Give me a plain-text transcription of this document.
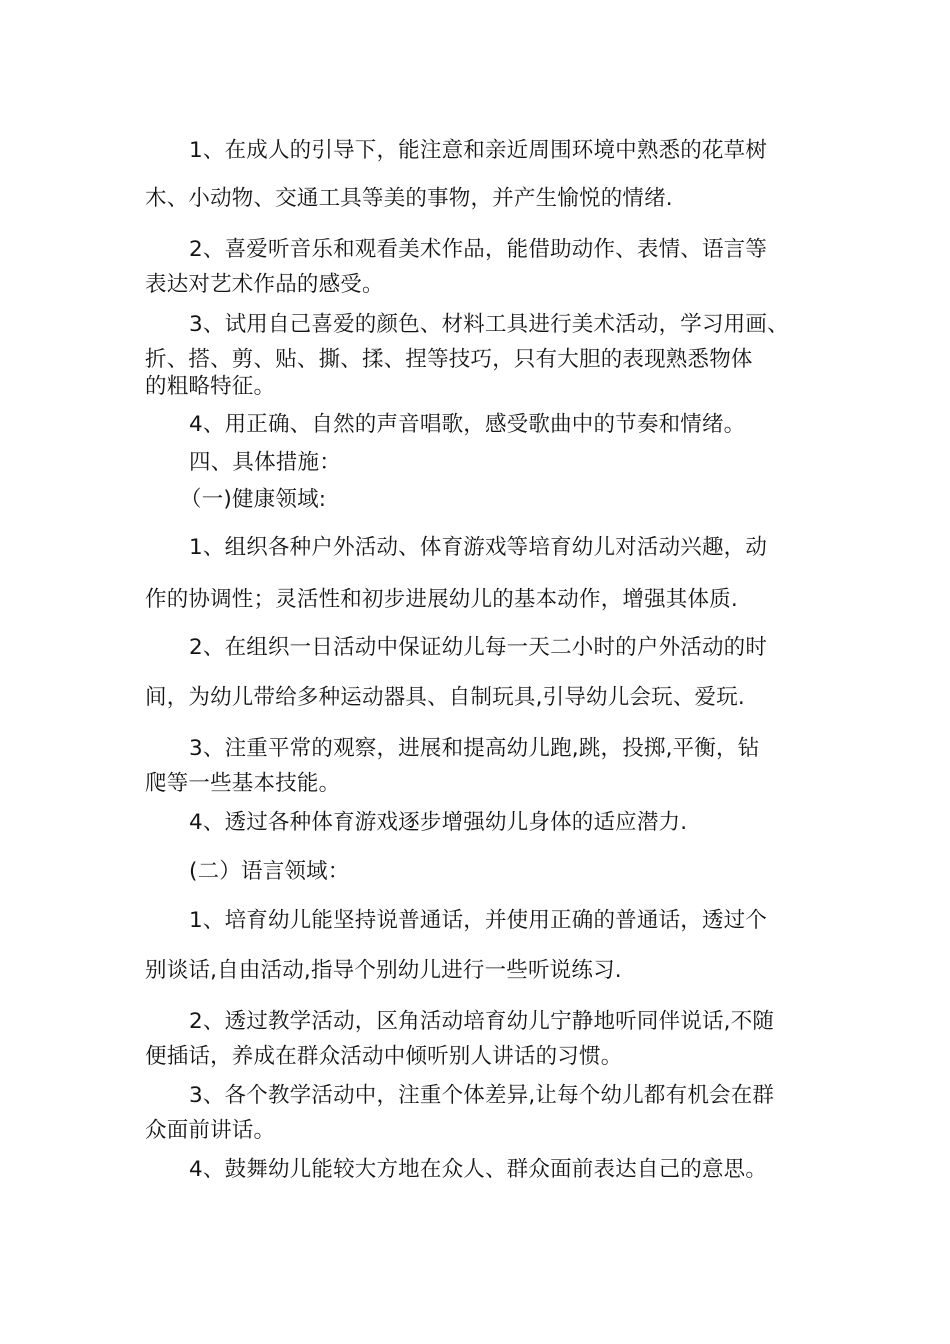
1、在成人的引导下，能注意和亲近周围环境中熟悉的花草树
木、小动物、交通工具等美的事物，并产生愉悦的情绪.
2、喜爱听音乐和观看美术作品，能借助动作、表情、语言等
表达对艺术作品的感受。
3、试用自己喜爱的颜色、材料工具进行美术活动，学习用画、
折、搭、剪、贴、撕、揉、捏等技巧，只有大胆的表现熟悉物体
的粗略特征。
4、用正确、自然的声音唱歌，感受歌曲中的节奏和情绪。
四、具体措施：
（一)健康领域:
1、组织各种户外活动、体育游戏等培育幼儿对活动兴趣，动
作的协调性；灵活性和初步进展幼儿的基本动作，增强其体质.
2、在组织一日活动中保证幼儿每一天二小时的户外活动的时
间，为幼儿带给多种运动器具、自制玩具,引导幼儿会玩、爱玩.
3、注重平常的观察，进展和提高幼儿跑,跳，投掷,平衡，钻
爬等一些基本技能。
4、透过各种体育游戏逐步增强幼儿身体的适应潜力.
(二）语言领域：
1、培育幼儿能坚持说普通话，并使用正确的普通话，透过个
别谈话,自由活动,指导个别幼儿进行一些听说练习.
2、透过教学活动，区角活动培育幼儿宁静地听同伴说话,不随
便插话，养成在群众活动中倾听别人讲话的习惯。
3、各个教学活动中，注重个体差异,让每个幼儿都有机会在群
众面前讲话。
4、鼓舞幼儿能较大方地在众人、群众面前表达自己的意思。
